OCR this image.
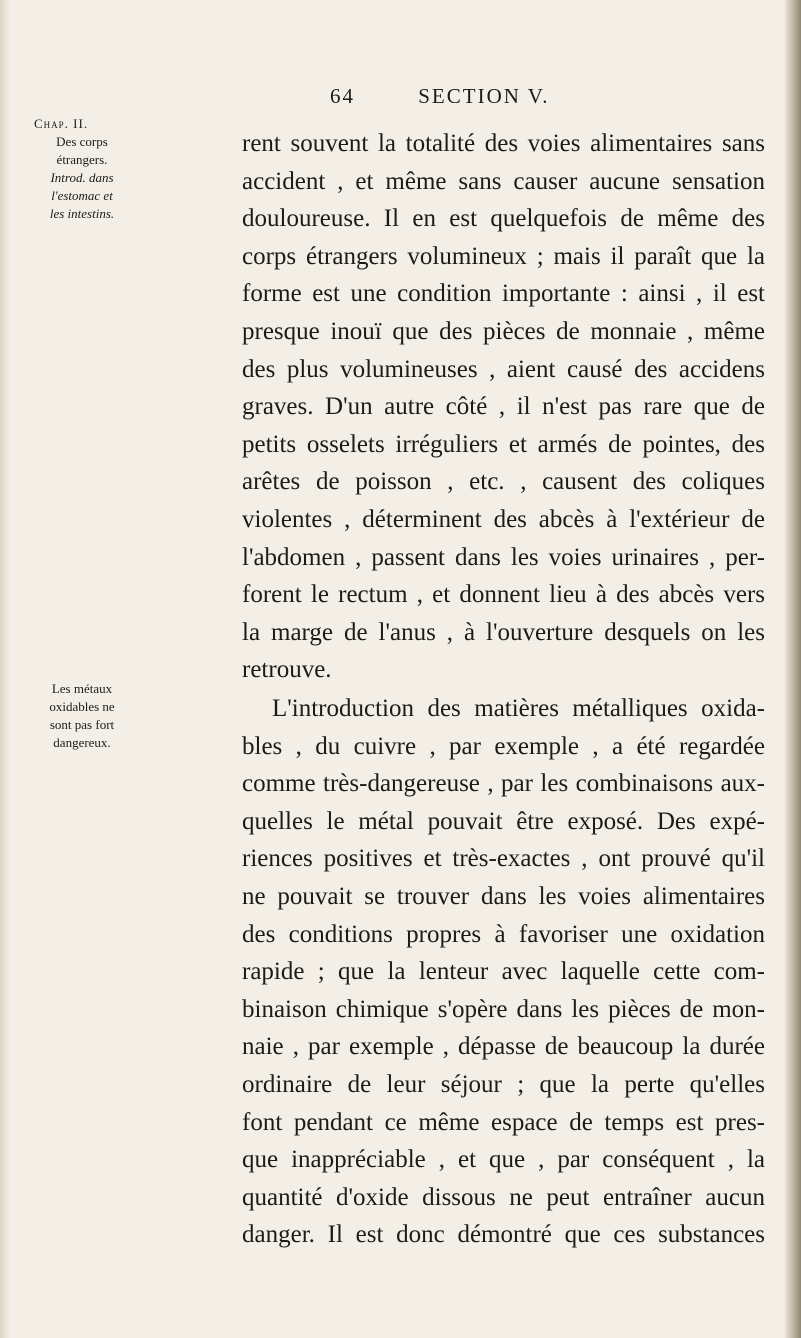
64	SECTION V.
Chap. II.
Des corps
étrangers.
Introd. dans
l'estomac et
les intestins.
Les métaux
oxidables ne
sont pas fort
dangereux.
rent souvent la totalité des voies alimentaires sans
accident , et même sans causer aucune sensation
douloureuse. Il en est quelquefois de même des
corps étrangers volumineux ; mais il paraît que la
forme est une condition importante : ainsi , il est
presque inouï que des pièces de monnaie , même
des plus volumineuses , aient causé des accidens
graves. D'un autre côté , il n'est pas rare que de
petits osselets irréguliers et armés de pointes, des
arêtes de poisson , etc. , causent des coliques
violentes , déterminent des abcès à l'extérieur de
l'abdomen , passent dans les voies urinaires , per-
forent le rectum , et donnent lieu à des abcès vers
la marge de l'anus , à l'ouverture desquels on les
retrouve.
L'introduction des matières métalliques oxida-
bles , du cuivre , par exemple , a été regardée
comme très-dangereuse , par les combinaisons aux-
quelles le métal pouvait être exposé. Des expé-
riences positives et très-exactes , ont prouvé qu'il
ne pouvait se trouver dans les voies alimentaires
des conditions propres à favoriser une oxidation
rapide ; que la lenteur avec laquelle cette com-
binaison chimique s'opère dans les pièces de mon-
naie , par exemple , dépasse de beaucoup la durée
ordinaire de leur séjour ; que la perte qu'elles
font pendant ce même espace de temps est pres-
que inappréciable , et que , par conséquent , la
quantité d'oxide dissous ne peut entraîner aucun
danger. Il est donc démontré que ces substances
